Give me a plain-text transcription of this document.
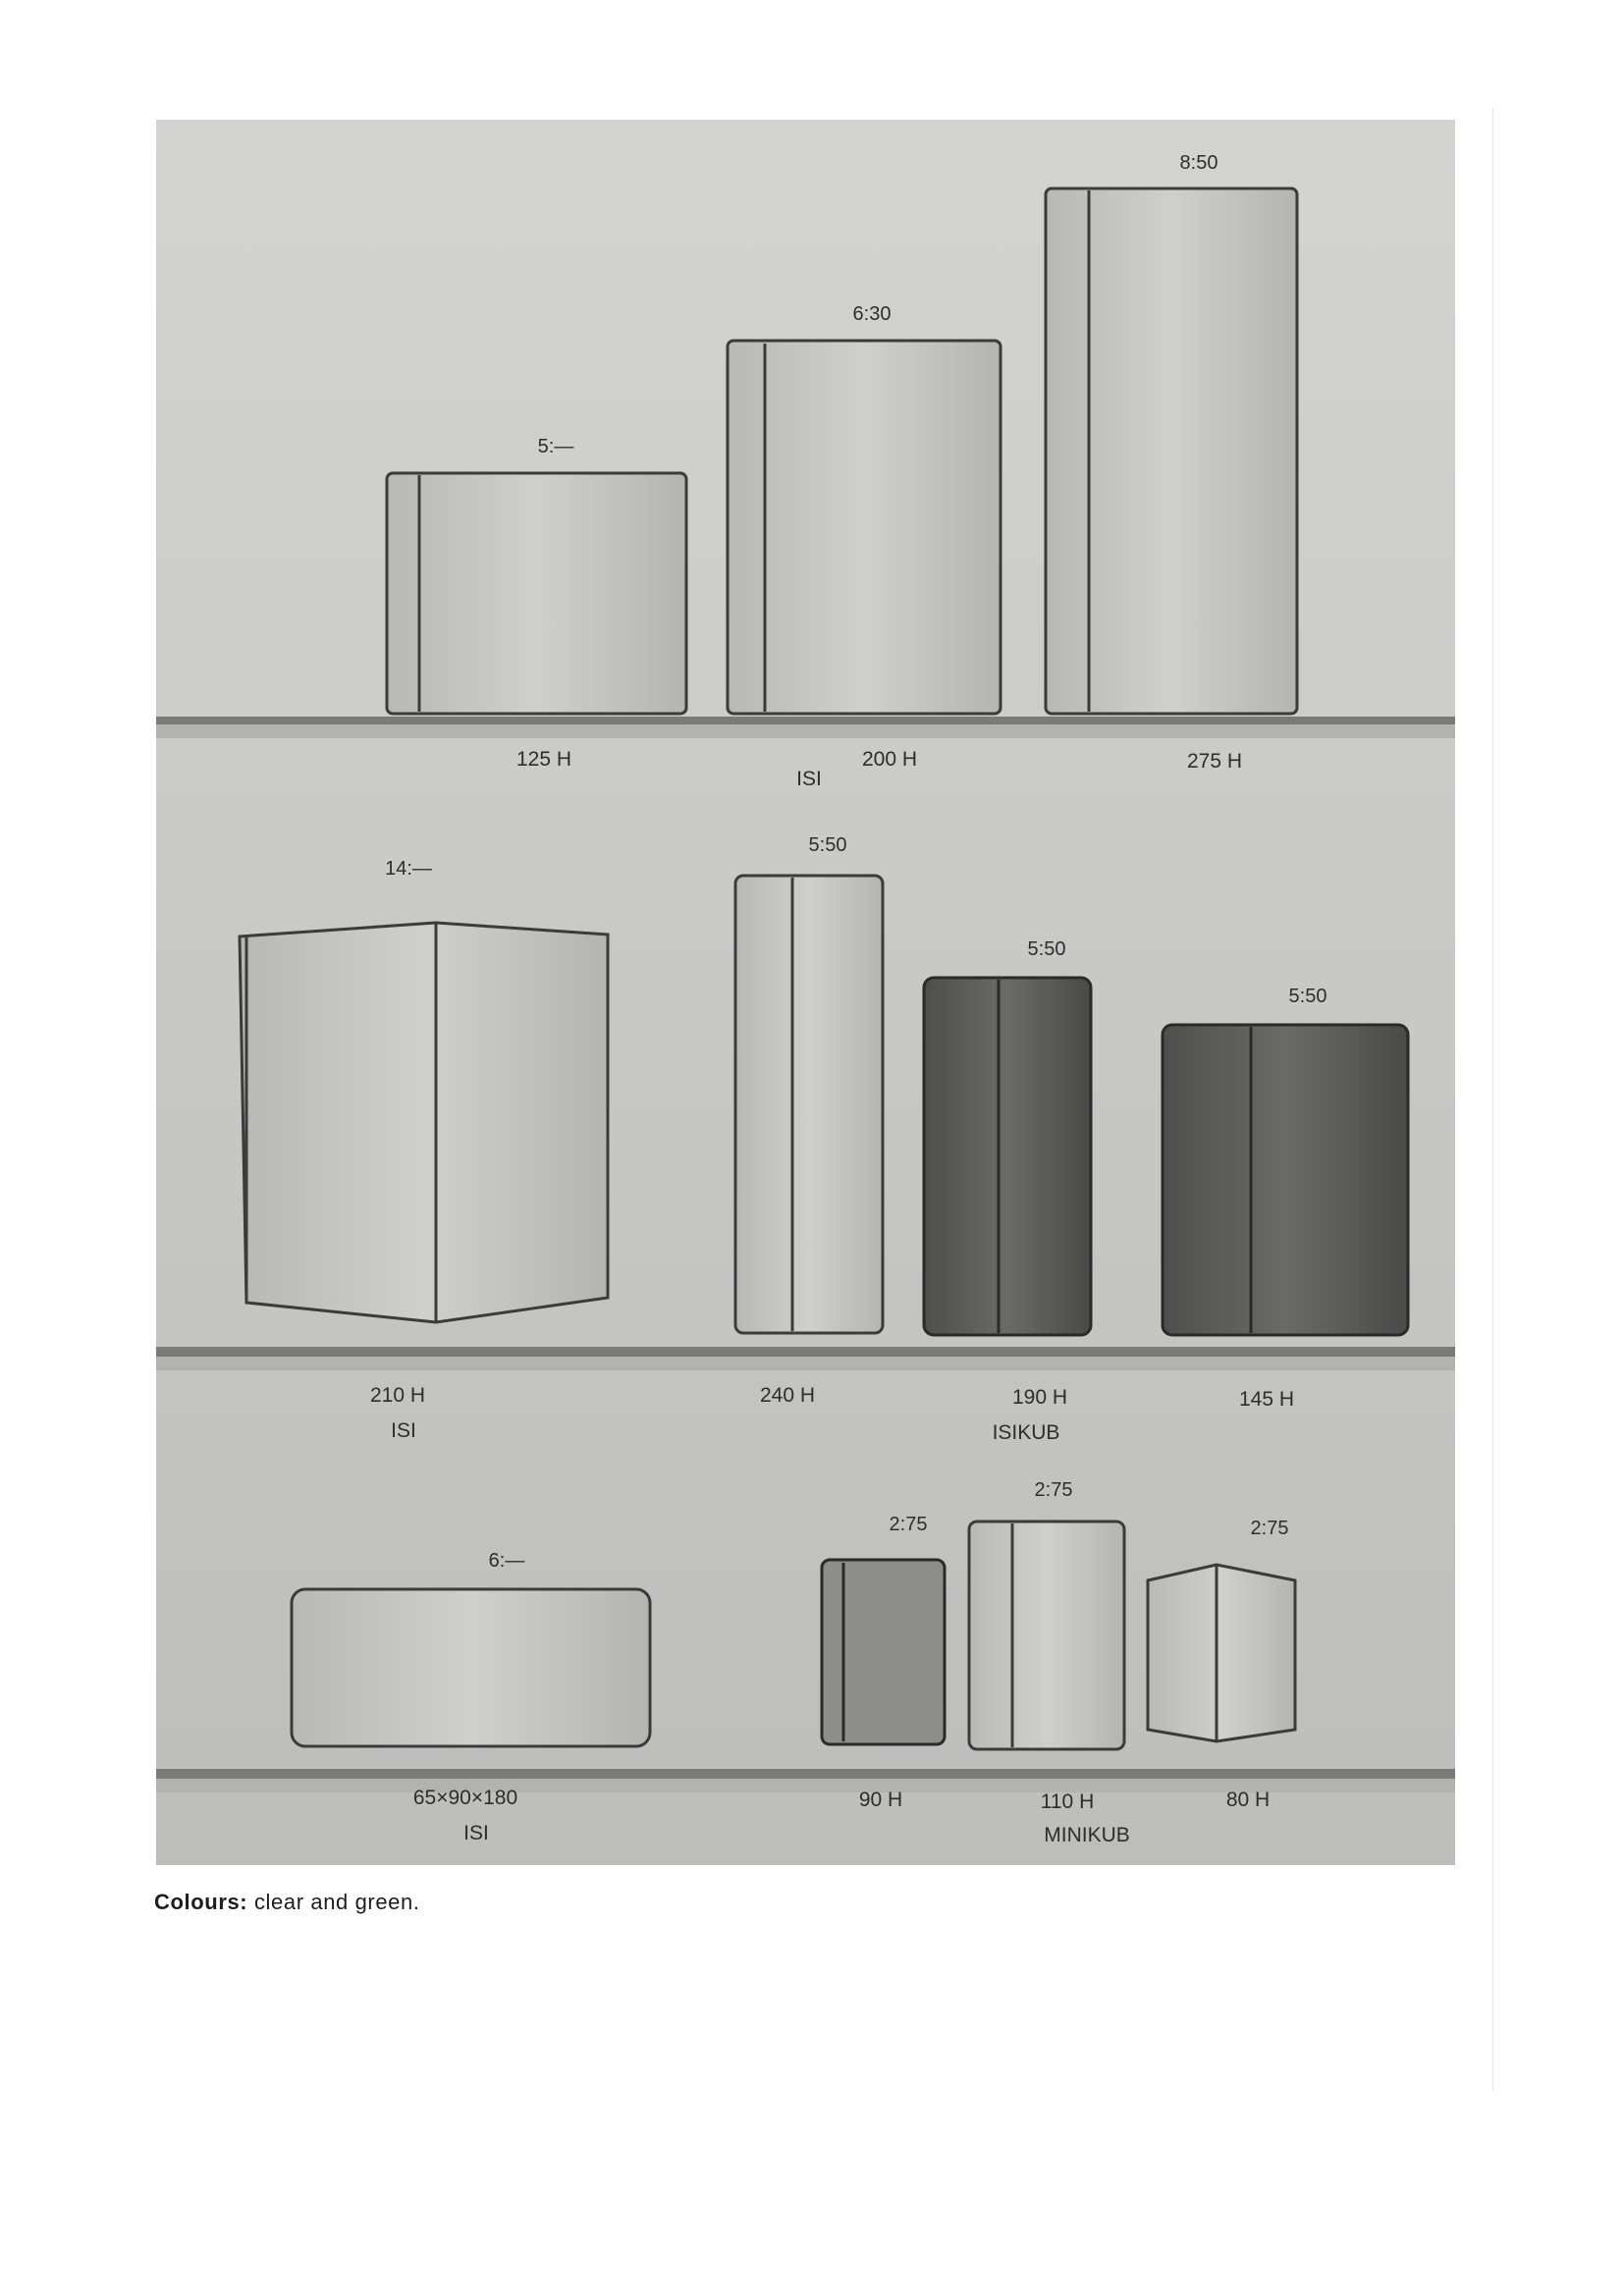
5:—
6:30
8:50
125 H	200 H	275 H
ISI
14:—
5:50
5:50
5:50
210 H	240 H	190 H	145 H
ISI	ISIKUB
6:—
2:75
2:75
2:75
65×90×180	90 H	110 H	80 H
ISI	MINIKUB
Colours: clear and green.
